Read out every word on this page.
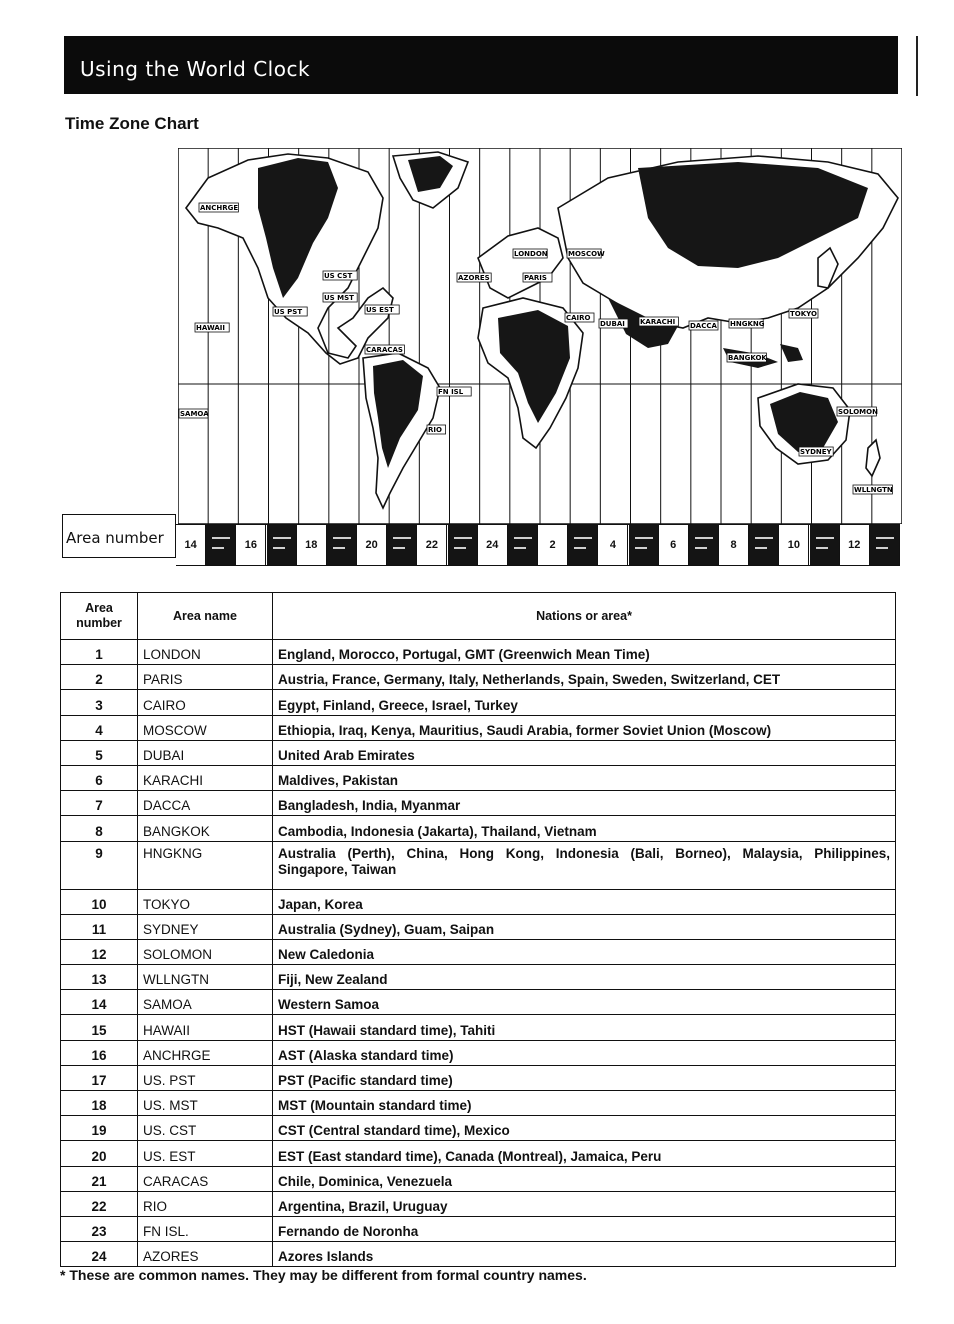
Using the World Clock
Time Zone Chart
ANCHRGE
HAWAII
SAMOA
US CST
US MST
US PST	US EST
CARACAS
FN ISL
RIO
AZORES
LONDON	MOSCOW
PARIS
CAIRO
DUBAI KARACHI DACCA HNGKNG
TOKYO
BANGKOK
SOLOMON
SYDNEY
WLLNGTN
Area number	14	16	18	20	22	24	2	4	6	8	10	12
Area number	Area name	Nations or area*
1	LONDON	England, Morocco, Portugal, GMT (Greenwich Mean Time)
2	PARIS	Austria, France, Germany, Italy, Netherlands, Spain, Sweden, Switzerland, CET
3	CAIRO	Egypt, Finland, Greece, Israel, Turkey
4	MOSCOW	Ethiopia, Iraq, Kenya, Mauritius, Saudi Arabia, former Soviet Union (Moscow)
5	DUBAI	United Arab Emirates
6	KARACHI	Maldives, Pakistan
7	DACCA	Bangladesh, India, Myanmar
8	BANGKOK	Cambodia, Indonesia (Jakarta), Thailand, Vietnam
9	HNGKNG	Australia (Perth), China, Hong Kong, Indonesia (Bali, Borneo), Malaysia, Philippines, Singapore, Taiwan
10	TOKYO	Japan, Korea
11	SYDNEY	Australia (Sydney), Guam, Saipan
12	SOLOMON	New Caledonia
13	WLLNGTN	Fiji, New Zealand
14	SAMOA	Western Samoa
15	HAWAII	HST (Hawaii standard time), Tahiti
16	ANCHRGE	AST (Alaska standard time)
17	US. PST	PST (Pacific standard time)
18	US. MST	MST (Mountain standard time)
19	US. CST	CST (Central standard time), Mexico
20	US. EST	EST (East standard time), Canada (Montreal), Jamaica, Peru
21	CARACAS	Chile, Dominica, Venezuela
22	RIO	Argentina, Brazil, Uruguay
23	FN ISL.	Fernando de Noronha
24	AZORES	Azores Islands
* These are common names. They may be different from formal country names.
